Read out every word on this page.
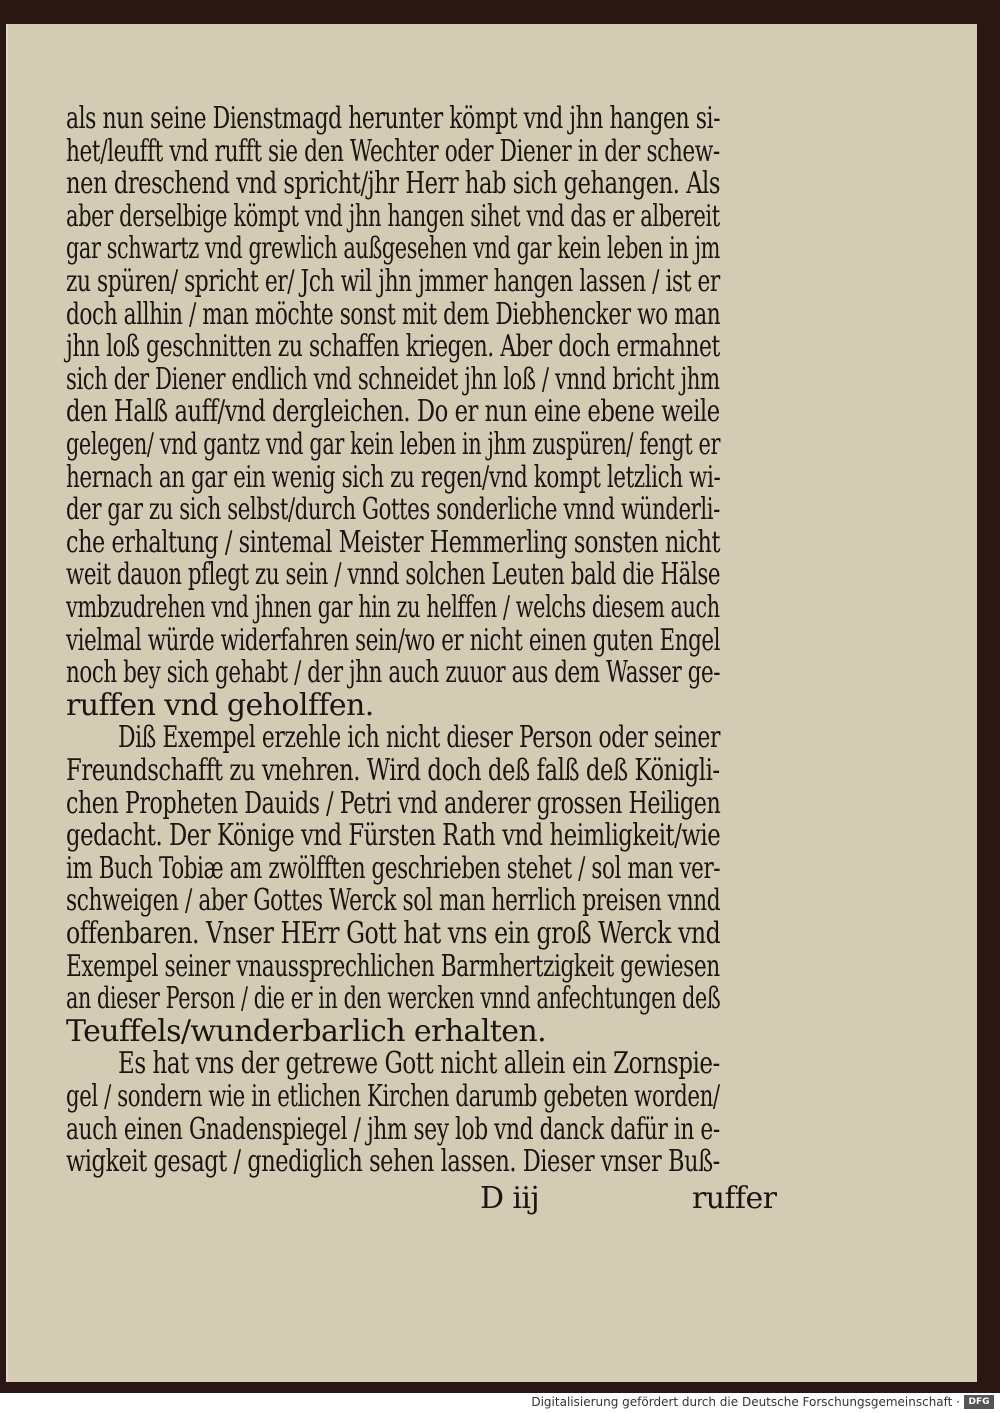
als nun seine Dienstmagd herunter kömpt vnd jhn hangen si-
het/leufft vnd rufft sie den Wechter oder Diener in der schew-
nen dreschend vnd spricht/jhr Herr hab sich gehangen. Als
aber derselbige kömpt vnd jhn hangen sihet vnd das er albereit
gar schwartz vnd grewlich außgesehen vnd gar kein leben in jm
zu spüren/ spricht er/ Jch wil jhn jmmer hangen lassen / ist er
doch allhin / man möchte sonst mit dem Diebhencker wo man
jhn loß geschnitten zu schaffen kriegen. Aber doch ermahnet
sich der Diener endlich vnd schneidet jhn loß / vnnd bricht jhm
den Halß auff/vnd dergleichen. Do er nun eine ebene weile
gelegen/ vnd gantz vnd gar kein leben in jhm zuspüren/ fengt er
hernach an gar ein wenig sich zu regen/vnd kompt letzlich wi-
der gar zu sich selbst/durch Gottes sonderliche vnnd wünderli-
che erhaltung / sintemal Meister Hemmerling sonsten nicht
weit dauon pflegt zu sein / vnnd solchen Leuten bald die Hälse
vmbzudrehen vnd jhnen gar hin zu helffen / welchs diesem auch
vielmal würde widerfahren sein/wo er nicht einen guten Engel
noch bey sich gehabt / der jhn auch zuuor aus dem Wasser ge-
ruffen vnd geholffen.
Diß Exempel erzehle ich nicht dieser Person oder seiner
Freundschafft zu vnehren. Wird doch deß falß deß Königli-
chen Propheten Dauids / Petri vnd anderer grossen Heiligen
gedacht. Der Könige vnd Fürsten Rath vnd heimligkeit/wie
im Buch Tobiæ am zwölfften geschrieben stehet / sol man ver-
schweigen / aber Gottes Werck sol man herrlich preisen vnnd
offenbaren. Vnser HErr Gott hat vns ein groß Werck vnd
Exempel seiner vnaussprechlichen Barmhertzigkeit gewiesen
an dieser Person / die er in den wercken vnnd anfechtungen deß
Teuffels/wunderbarlich erhalten.
Es hat vns der getrewe Gott nicht allein ein Zornspie-
gel / sondern wie in etlichen Kirchen darumb gebeten worden/
auch einen Gnadenspiegel / jhm sey lob vnd danck dafür in e-
wigkeit gesagt / gnediglich sehen lassen. Dieser vnser Buß-
D iij	ruffer
Digitalisierung gefördert durch die Deutsche Forschungsgemeinschaft · DFG
